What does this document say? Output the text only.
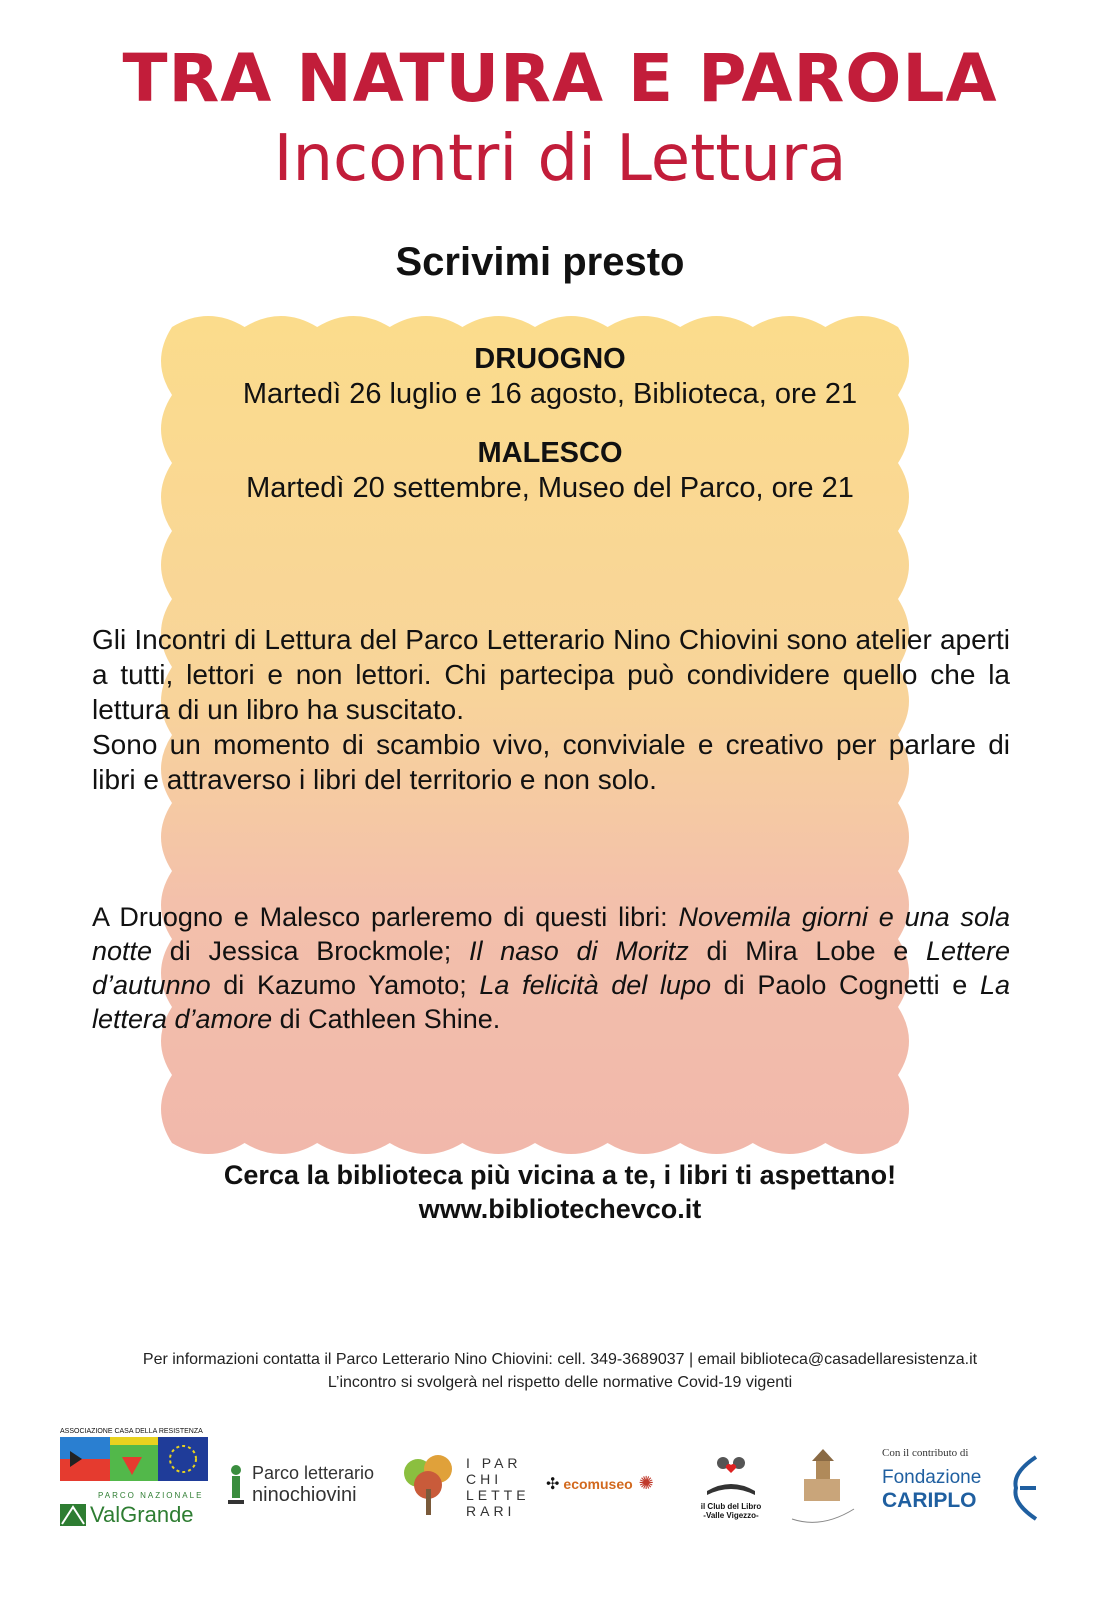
TRA NATURA E PAROLA
Incontri di Lettura
Scrivimi presto
DRUOGNO
Martedì 26 luglio e 16 agosto, Biblioteca, ore 21
MALESCO
Martedì 20 settembre, Museo del Parco, ore 21
Gli Incontri di Lettura del Parco Letterario Nino Chiovini sono atelier aperti a tutti, lettori e non lettori. Chi partecipa può condividere quello che la lettura di un libro ha suscitato.
Sono un momento di scambio vivo, conviviale e creativo per parlare di libri e attraverso i libri del territorio e non solo.
A Druogno e Malesco parleremo di questi libri: Novemila giorni e una sola notte di Jessica Brockmole; Il naso di Moritz di Mira Lobe e Lettere d’autunno di Kazumo Yamoto; La felicità del lupo di Paolo Cognetti e La lettera d’amore di Cathleen Shine.
Cerca la biblioteca più vicina a te, i libri ti aspettano!
www.bibliotechevco.it
Per informazioni contatta il Parco Letterario Nino Chiovini: cell. 349-3689037 | email biblioteca@casadellaresistenza.it
L’incontro si svolgerà nel rispetto delle normative Covid-19 vigenti
ASSOCIAZIONE CASA DELLA RESISTENZA
PARCO NAZIONALE
ValGrande
Parco letterario
ninochiovini
I PAR CHI LETTE RARI
✣ ecomuseo ✺
il Club del Libro
-Valle Vigezzo-
Con il contributo di
Fondazione
CARIPLO
